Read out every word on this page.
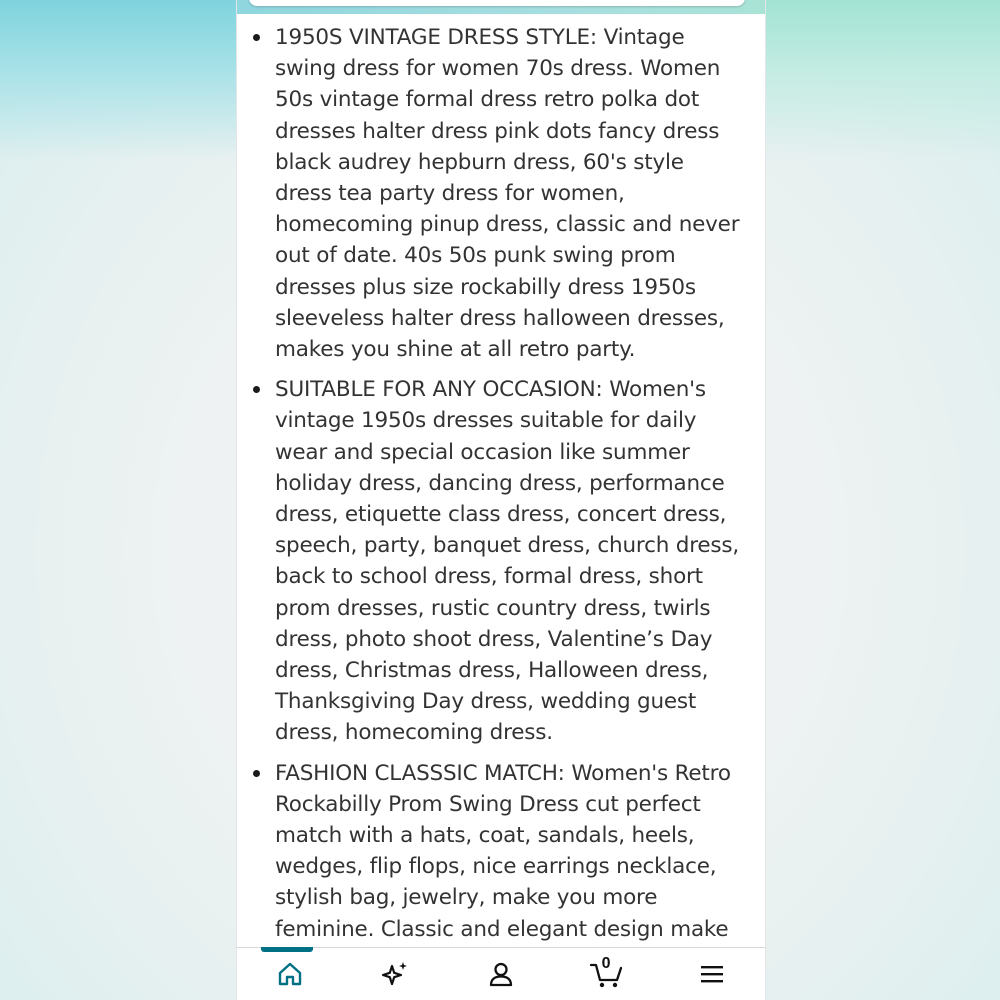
1950S VINTAGE DRESS STYLE: Vintage swing dress for women 70s dress. Women 50s vintage formal dress retro polka dot dresses halter dress pink dots fancy dress black audrey hepburn dress, 60's style dress tea party dress for women, homecoming pinup dress, classic and never out of date. 40s 50s punk swing prom dresses plus size rockabilly dress 1950s sleeveless halter dress halloween dresses, makes you shine at all retro party.
SUITABLE FOR ANY OCCASION: Women's vintage 1950s dresses suitable for daily wear and special occasion like summer holiday dress, dancing dress, performance dress, etiquette class dress, concert dress, speech, party, banquet dress, church dress, back to school dress, formal dress, short prom dresses, rustic country dress, twirls dress, photo shoot dress, Valentine’s Day dress, Christmas dress, Halloween dress, Thanksgiving Day dress, wedding guest dress, homecoming dress.
FASHION CLASSSIC MATCH: Women's Retro Rockabilly Prom Swing Dress cut perfect match with a hats, coat, sandals, heels, wedges, flip flops, nice earrings necklace, stylish bag, jewelry, make you more feminine. Classic and elegant design make
0
